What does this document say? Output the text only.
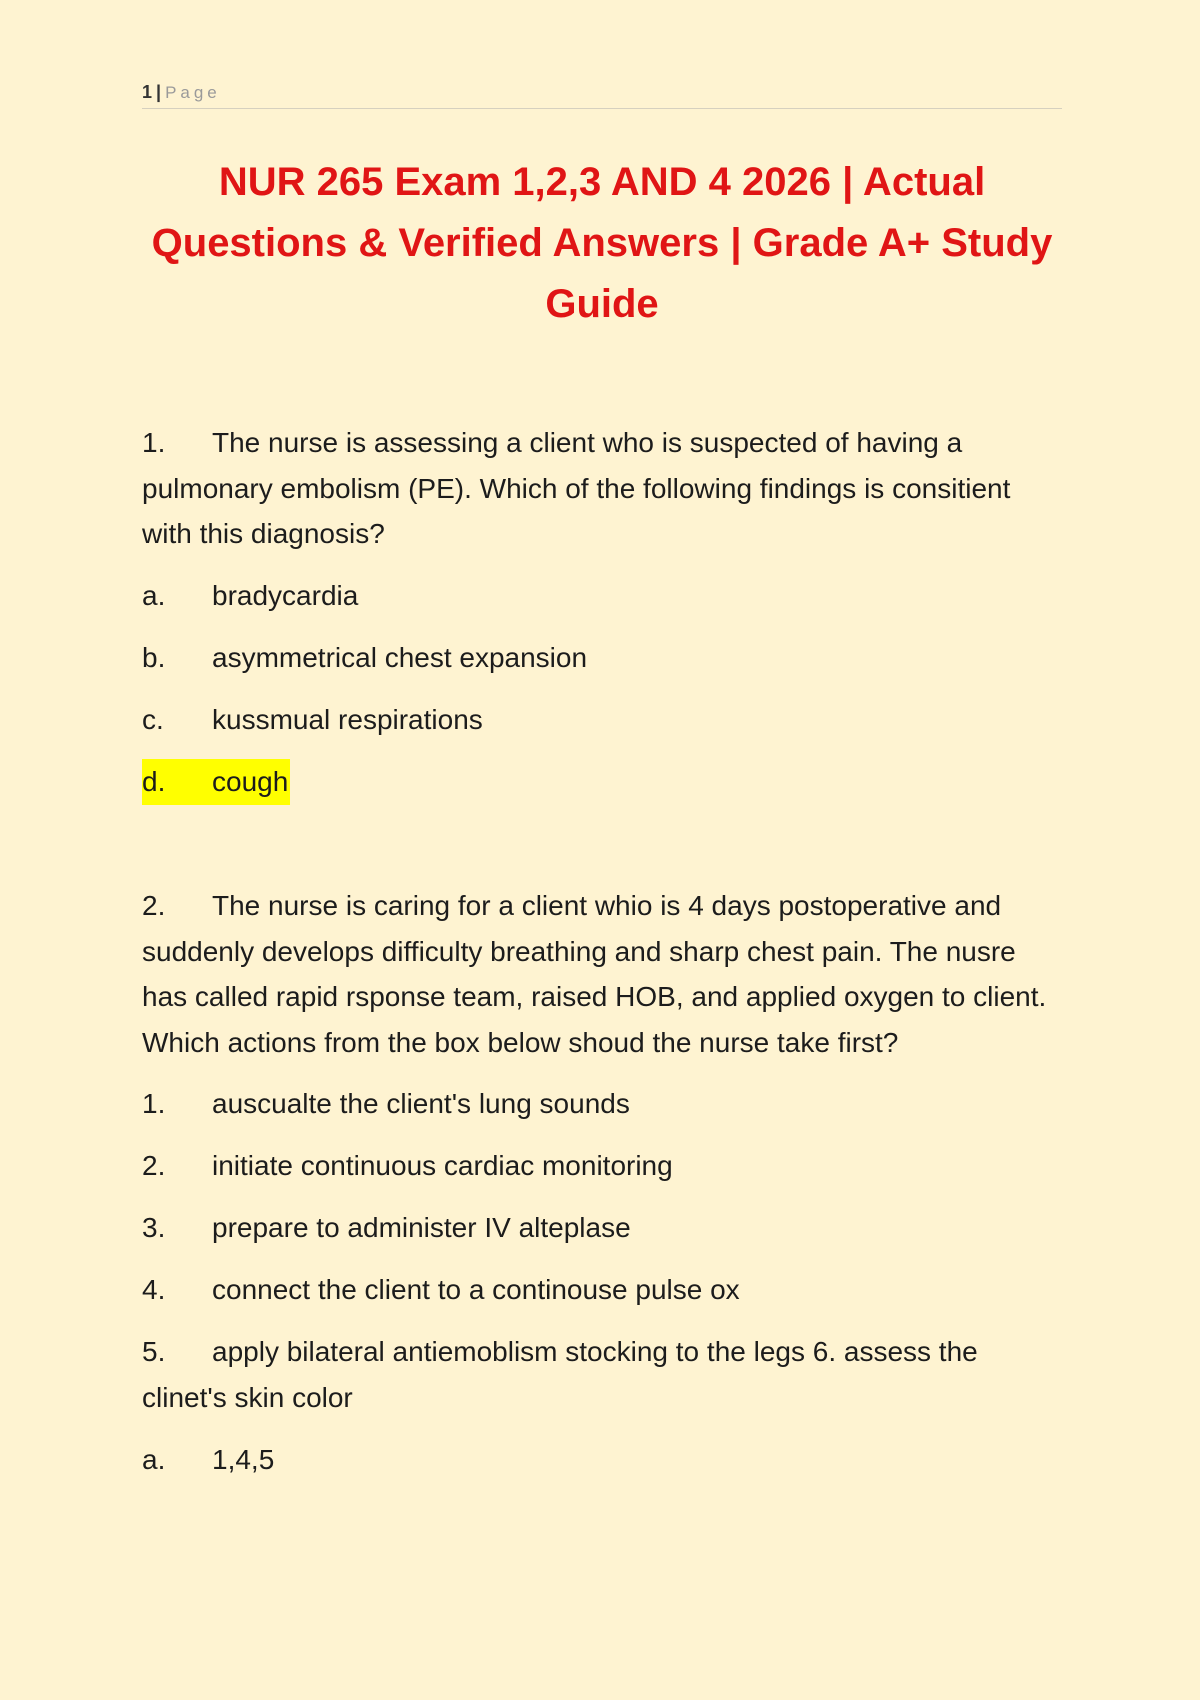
1 | Page
NUR 265 Exam 1,2,3 AND 4 2026 | Actual Questions & Verified Answers | Grade A+ Study Guide

1. The nurse is assessing a client who is suspected of having a pulmonary embolism (PE). Which of the following findings is consitient with this diagnosis?

a.	bradycardia
b.	asymmetrical chest expansion
c.	kussmual respirations
d.	cough

2. The nurse is caring for a client whio is 4 days postoperative and suddenly develops difficulty breathing and sharp chest pain. The nusre has called rapid rsponse team, raised HOB, and applied oxygen to client. Which actions from the box below shoud the nurse take first?

1. auscualte the client's lung sounds

2. initiate continuous cardiac monitoring

3. prepare to administer IV alteplase

4. connect the client to a continouse pulse ox

5. apply bilateral antiemoblism stocking to the legs 6. assess the clinet's skin color

a.	1,4,5
